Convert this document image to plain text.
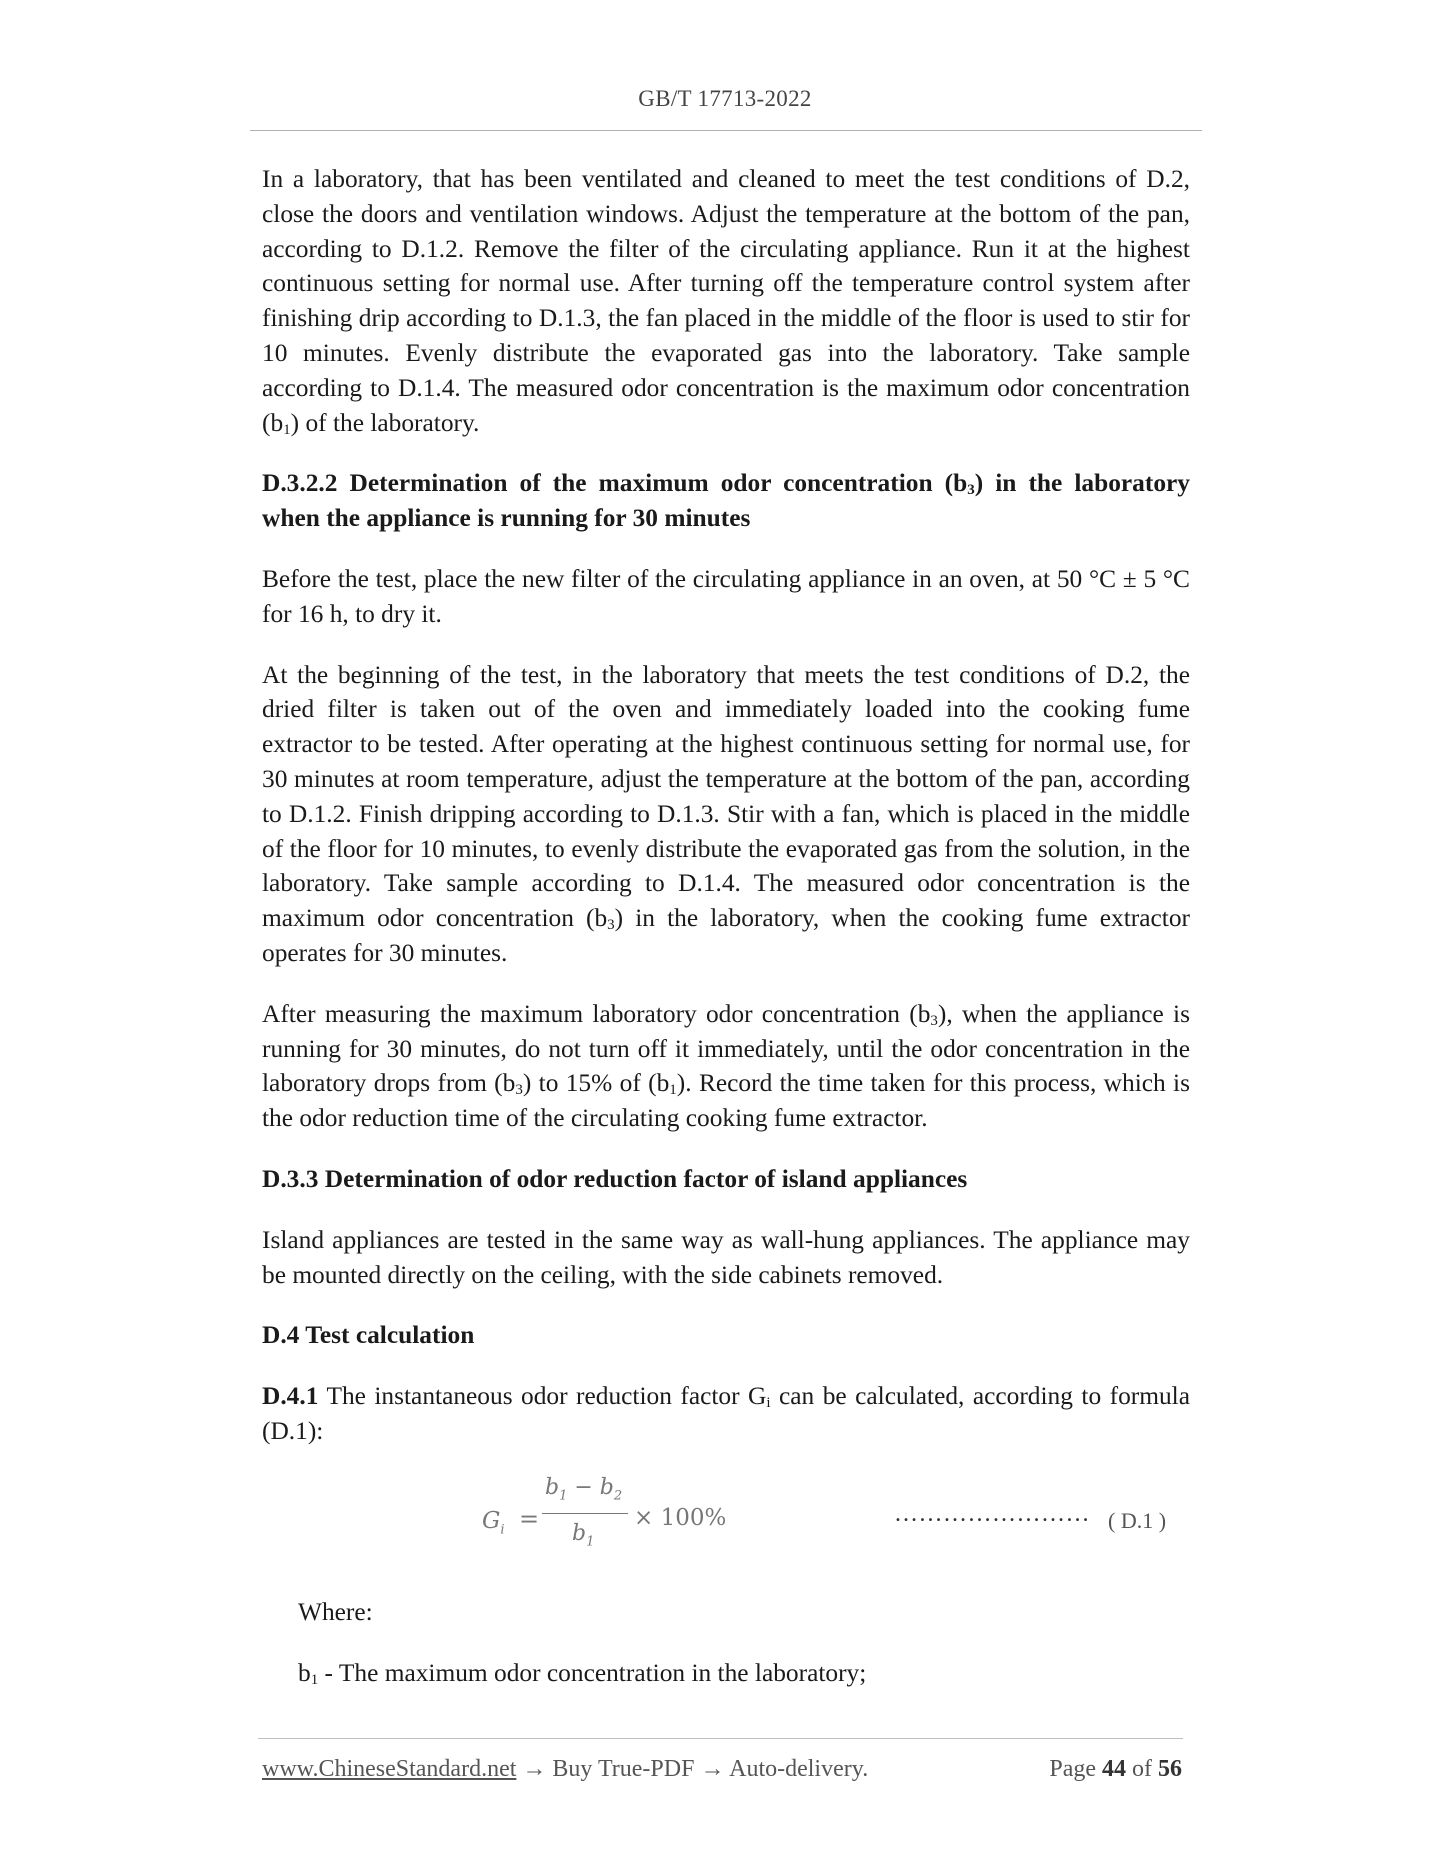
GB/T 17713-2022

In a laboratory, that has been ventilated and cleaned to meet the test conditions of D.2, close the doors and ventilation windows. Adjust the temperature at the bottom of the pan, according to D.1.2. Remove the filter of the circulating appliance. Run it at the highest continuous setting for normal use. After turning off the temperature control system after finishing drip according to D.1.3, the fan placed in the middle of the floor is used to stir for 10 minutes. Evenly distribute the evaporated gas into the laboratory. Take sample according to D.1.4. The measured odor concentration is the maximum odor concentration $(b_1)$ of the laboratory.

D.3.2.2 Determination of the maximum odor concentration $(b_3)$ in the laboratory when the appliance is running for 30 minutes

Before the test, place the new filter of the circulating appliance in an oven, at 50 °C ± 5 °C for 16 h, to dry it.

At the beginning of the test, in the laboratory that meets the test conditions of D.2, the dried filter is taken out of the oven and immediately loaded into the cooking fume extractor to be tested. After operating at the highest continuous setting for normal use, for 30 minutes at room temperature, adjust the temperature at the bottom of the pan, according to D.1.2. Finish dripping according to D.1.3. Stir with a fan, which is placed in the middle of the floor for 10 minutes, to evenly distribute the evaporated gas from the solution, in the laboratory. Take sample according to D.1.4. The measured odor concentration is the maximum odor concentration $(b_3)$ in the laboratory, when the cooking fume extractor operates for 30 minutes.

After measuring the maximum laboratory odor concentration $(b_3)$, when the appliance is running for 30 minutes, do not turn off it immediately, until the odor concentration in the laboratory drops from $(b_3)$ to 15% of $(b_1)$. Record the time taken for this process, which is the odor reduction time of the circulating cooking fume extractor.

D.3.3 Determination of odor reduction factor of island appliances

Island appliances are tested in the same way as wall-hung appliances. The appliance may be mounted directly on the ceiling, with the side cabinets removed.

D.4 Test calculation

D.4.1 The instantaneous odor reduction factor $G_i$ can be calculated, according to formula (D.1):

$G_i$ =
$b_1 - b_2$
$b_1$
× 100%	…………………… ( D.1 )

Where:

$b_1$ - The maximum odor concentration in the laboratory;

www.ChineseStandard.net → Buy True-PDF → Auto-delivery.	Page 44 of 56
